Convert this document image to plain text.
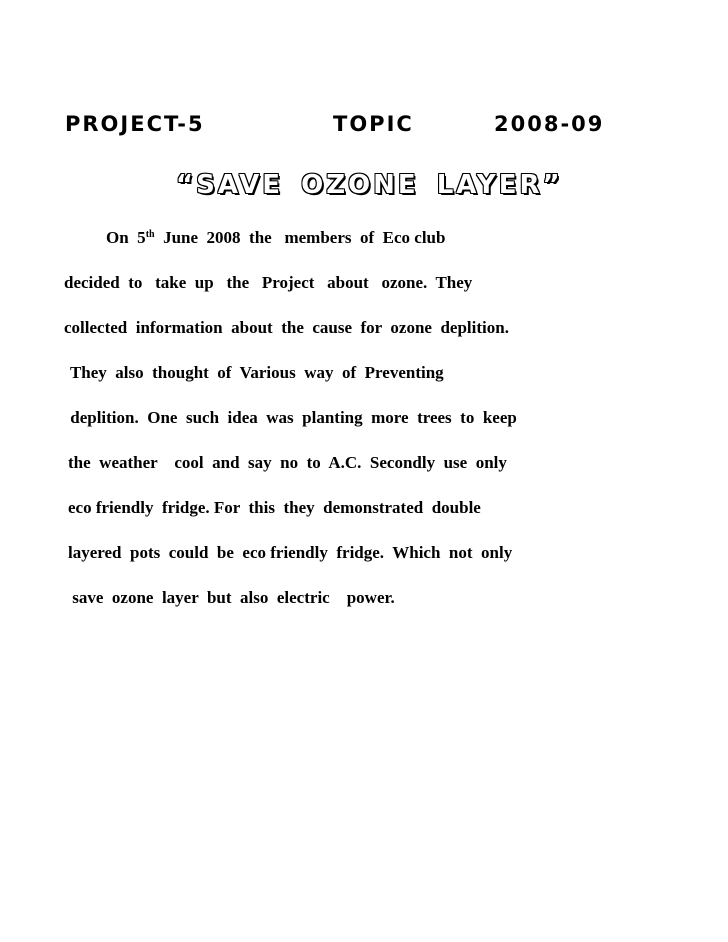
PROJECT-5	TOPIC	2008-09
“SAVE OZONE LAYER”
On  5th  June  2008  the   members  of  Eco club
decided  to   take  up   the   Project   about   ozone.  They
collected  information  about  the  cause  for  ozone  deplition.
They  also  thought  of  Various  way  of  Preventing
deplition.  One  such  idea  was  planting  more  trees  to  keep
the  weather    cool  and  say  no  to  A.C.  Secondly  use  only
eco friendly  fridge. For  this  they  demonstrated  double
layered  pots  could  be  eco friendly  fridge.  Which  not  only
save  ozone  layer  but  also  electric    power.
